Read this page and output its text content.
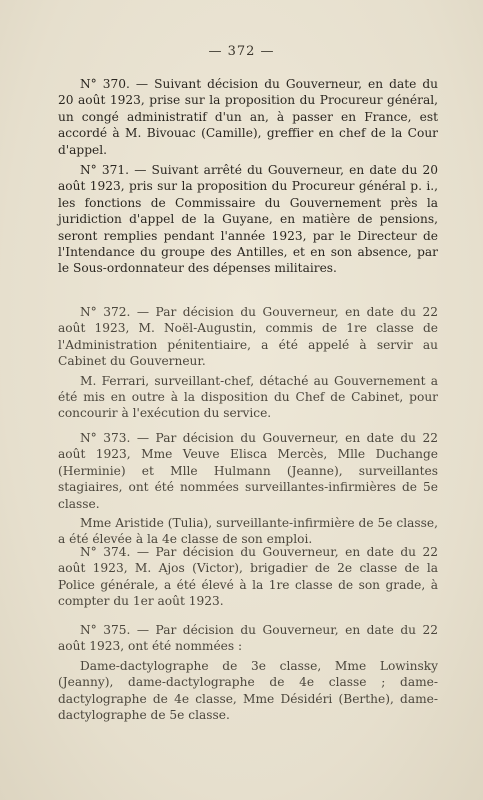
— 372 —

N° 370. — Suivant décision du Gouverneur, en date du 20 août 1923, prise sur la proposition du Procureur général, un congé administratif d'un an, à passer en France, est accordé à M. Bivouac (Camille), greffier en chef de la Cour d'appel.

N° 371. — Suivant arrêté du Gouverneur, en date du 20 août 1923, pris sur la proposition du Procureur général p. i., les fonctions de Commissaire du Gouvernement près la juridiction d'appel de la Guyane, en matière de pensions, seront remplies pendant l'année 1923, par le Directeur de l'Intendance du groupe des Antilles, et en son absence, par le Sous-ordonnateur des dépenses militaires.

N° 372. — Par décision du Gouverneur, en date du 22 août 1923, M. Noël-Augustin, commis de 1re classe de l'Administration pénitentiaire, a été appelé à servir au Cabinet du Gouverneur.

M. Ferrari, surveillant-chef, détaché au Gouvernement a été mis en outre à la disposition du Chef de Cabinet, pour concourir à l'exécution du service.

N° 373. — Par décision du Gouverneur, en date du 22 août 1923, Mme Veuve Elisca Mercès, Mlle Duchange (Herminie) et Mlle Hulmann (Jeanne), surveillantes stagiaires, ont été nommées surveillantes-infirmières de 5e classe.

Mme Aristide (Tulia), surveillante-infirmière de 5e classe, a été élevée à la 4e classe de son emploi.

N° 374. — Par décision du Gouverneur, en date du 22 août 1923, M. Ajos (Victor), brigadier de 2e classe de la Police générale, a été élevé à la 1re classe de son grade, à compter du 1er août 1923.

N° 375. — Par décision du Gouverneur, en date du 22 août 1923, ont été nommées :

Dame-dactylographe de 3e classe, Mme Lowinsky (Jeanny), dame-dactylographe de 4e classe ; dame-dactylographe de 4e classe, Mme Désidéri (Berthe), dame-dactylographe de 5e classe.
